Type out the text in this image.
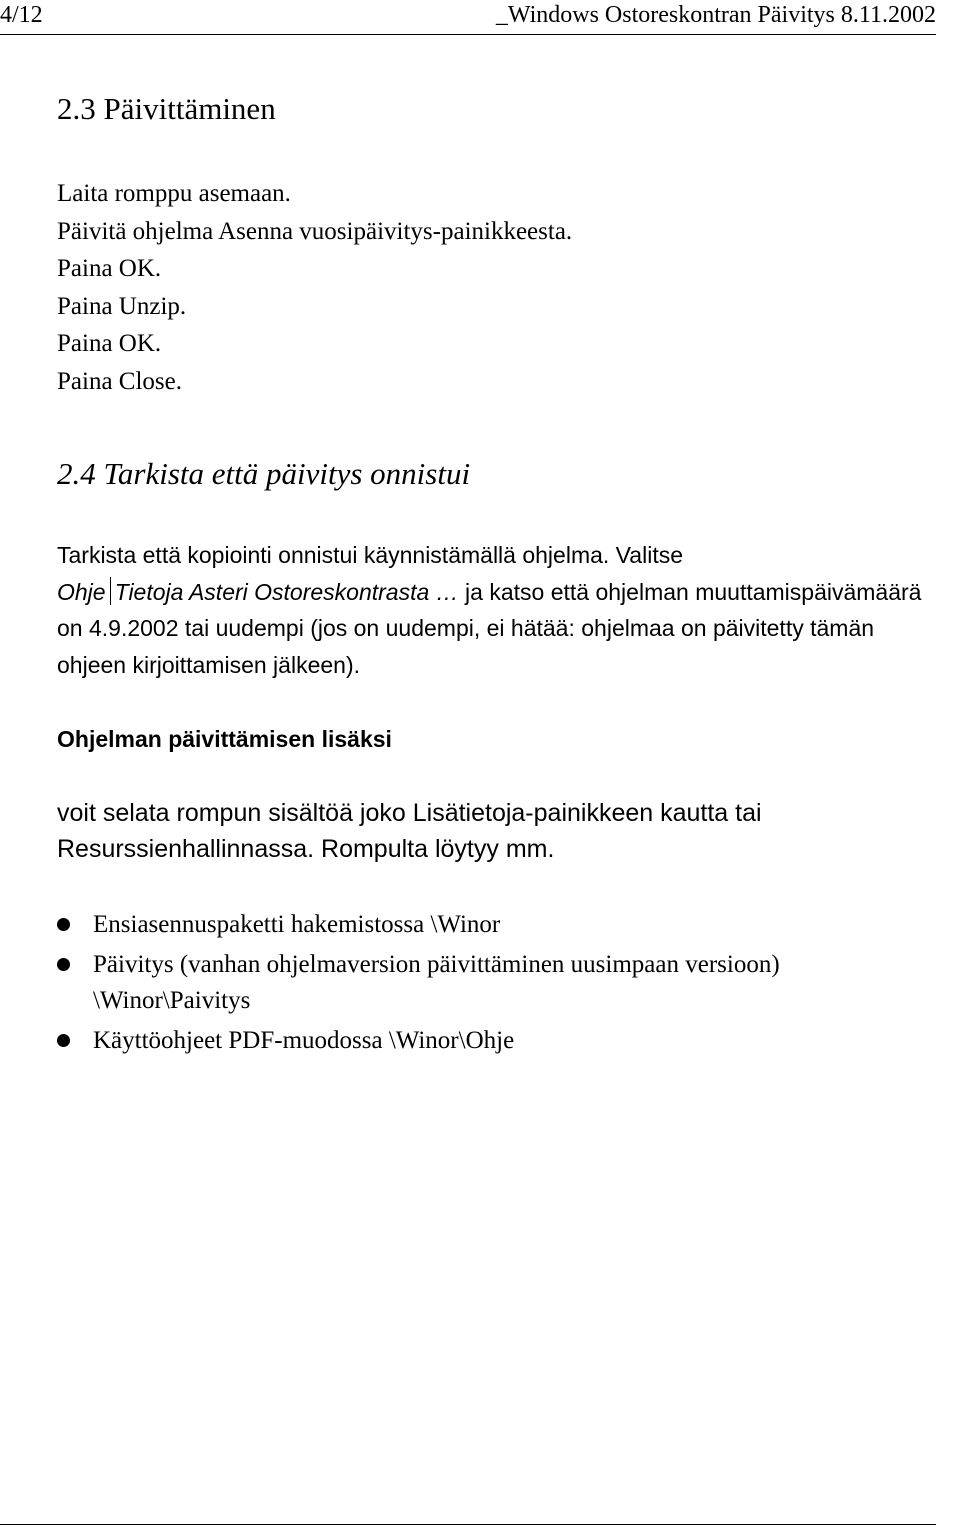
4/12	_Windows Ostoreskontran Päivitys 8.11.2002
2.3 Päivittäminen
Laita romppu asemaan.
Päivitä ohjelma Asenna vuosipäivitys-painikkeesta.
Paina OK.
Paina Unzip.
Paina OK.
Paina Close.
2.4 Tarkista että päivitys onnistui

Tarkista että kopiointi onnistui käynnistämällä ohjelma. Valitse
Ohje Tietoja Asteri Ostoreskontrasta … ja katso että ohjelman muuttamispäivämäärä on 4.9.2002 tai uudempi (jos on uudempi, ei hätää: ohjelmaa on päivitetty tämän ohjeen kirjoittamisen jälkeen).

Ohjelman päivittämisen lisäksi

voit selata rompun sisältöä joko Lisätietoja-painikkeen kautta tai Resurssienhallinnassa. Rompulta löytyy mm.

Ensiasennuspaketti hakemistossa \Winor
Päivitys (vanhan ohjelmaversion päivittäminen uusimpaan versioon) \Winor\Paivitys
Käyttöohjeet PDF-muodossa \Winor\Ohje
